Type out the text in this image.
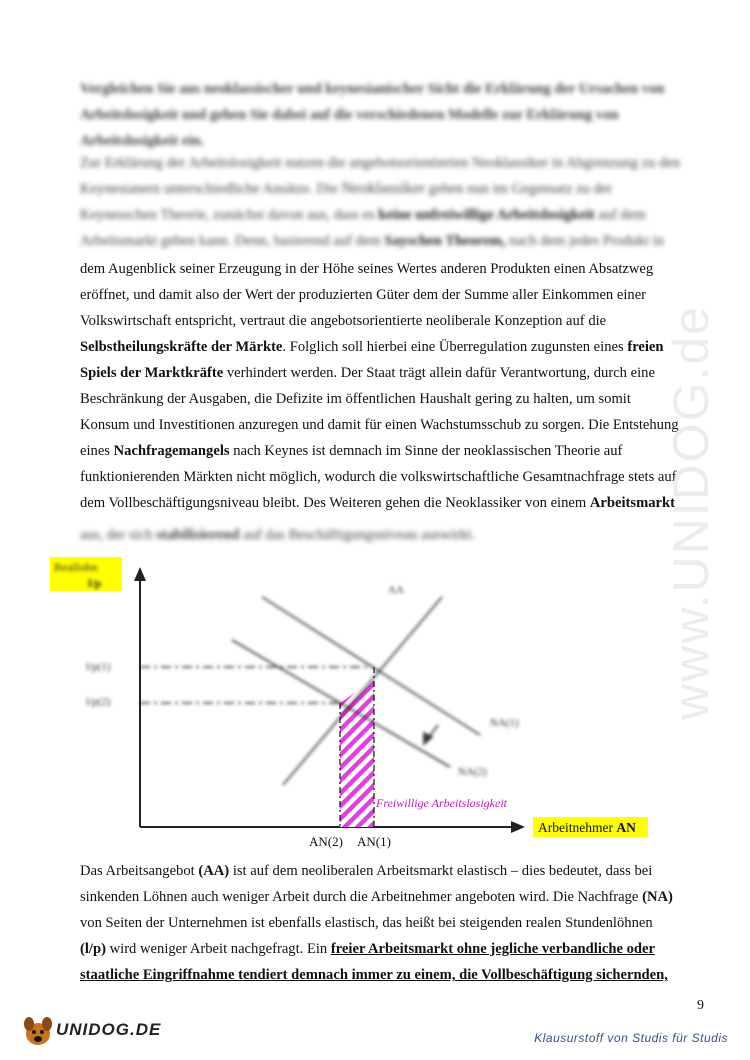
Vergleichen Sie aus neoklassischer und keynesianischer Sicht die Erklärung der Ursachen von
Arbeitslosigkeit und gehen Sie dabei auf die verschiedenen Modelle zur Erklärung von
Arbeitslosigkeit ein.
Zur Erklärung der Arbeitslosigkeit nutzen die angebotsorientierten Neoklassiker in Abgrenzung zu den
Keynesianern unterschiedliche Ansätze. Die Neoklassiker gehen nun im Gegensatz zu der
Keynesschen Theorie, zunächst davon aus, dass es keine unfreiwillige Arbeitslosigkeit auf dem
Arbeitsmarkt geben kann. Denn, basierend auf dem Sayschen Theorem, nach dem jedes Produkt in
dem Augenblick seiner Erzeugung in der Höhe seines Wertes anderen Produkten einen Absatzweg
eröffnet, und damit also der Wert der produzierten Güter dem der Summe aller Einkommen einer
Volkswirtschaft entspricht, vertraut die angebotsorientierte neoliberale Konzeption auf die
Selbstheilungskräfte der Märkte. Folglich soll hierbei eine Überregulation zugunsten eines freien
Spiels der Marktkräfte verhindert werden. Der Staat trägt allein dafür Verantwortung, durch eine
Beschränkung der Ausgaben, die Defizite im öffentlichen Haushalt gering zu halten, um somit
Konsum und Investitionen anzuregen und damit für einen Wachstumsschub zu sorgen. Die Entstehung
eines Nachfragemangels nach Keynes ist demnach im Sinne der neoklassischen Theorie auf
funktionierenden Märkten nicht möglich, wodurch die volkswirtschaftliche Gesamtnachfrage stets auf
dem Vollbeschäftigungsniveau bleibt. Des Weiteren gehen die Neoklassiker von einem Arbeitsmarkt
aus, der sich stabilisierend auf das Beschäftigungsniveau auswirkt.
Reallohn
l/p	AA
NA(1)
NA(2)
l/p(1)
l/p(2)
Freiwillige Arbeitslosigkeit
AN(2) AN(1)
Arbeitnehmer AN
Das Arbeitsangebot (AA) ist auf dem neoliberalen Arbeitsmarkt elastisch – dies bedeutet, dass bei
sinkenden Löhnen auch weniger Arbeit durch die Arbeitnehmer angeboten wird. Die Nachfrage (NA)
von Seiten der Unternehmen ist ebenfalls elastisch, das heißt bei steigenden realen Stundenlöhnen
(l/p) wird weniger Arbeit nachgefragt. Ein freier Arbeitsmarkt ohne jegliche verbandliche oder
staatliche Eingriffnahme tendiert demnach immer zu einem, die Vollbeschäftigung sichernden,
www.UNIDOG.de
9
UNIDOG.DE	Klausurstoff von Studis für Studis
